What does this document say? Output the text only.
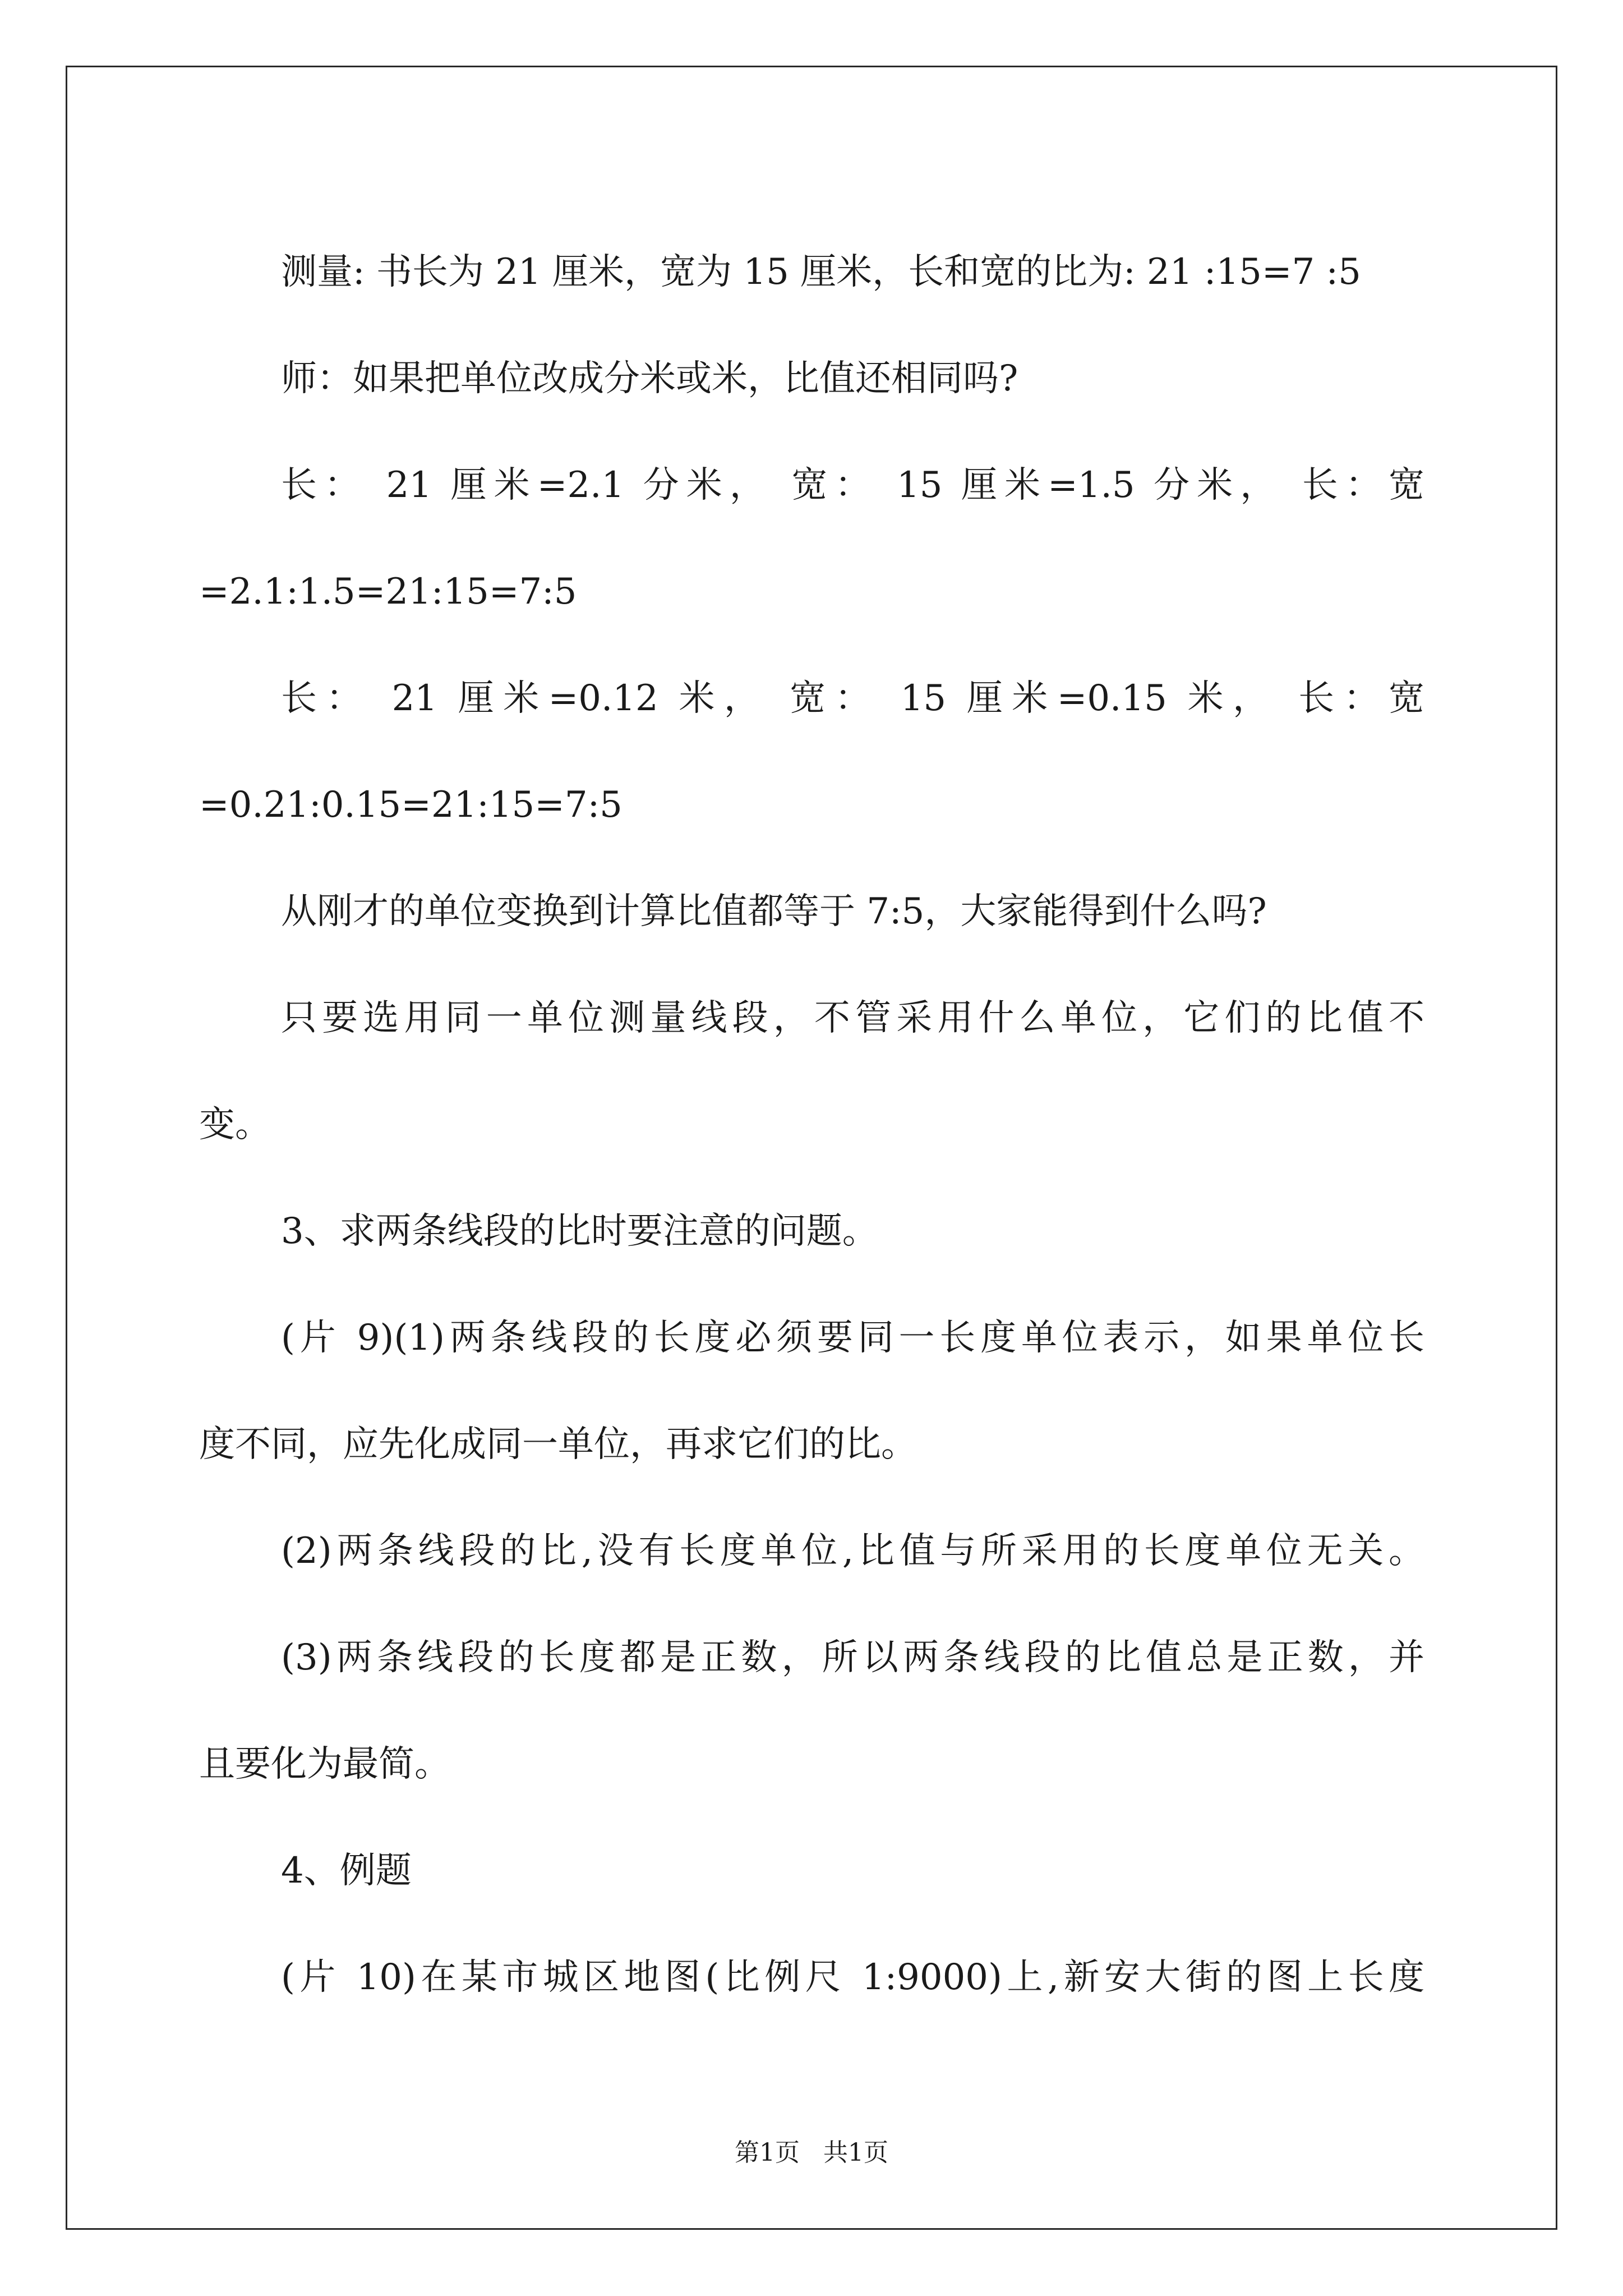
测量: 书长为 21 厘米，宽为 15 厘米，长和宽的比为: 21 :15=7 :5

师：如果把单位改成分米或米，比值还相同吗?

长： 21 厘米=2.1 分米， 宽： 15 厘米=1.5 分米， 长：宽

=2.1:1.5=21:15=7:5

长： 21 厘米=0.12 米， 宽： 15 厘米=0.15 米， 长：宽

=0.21:0.15=21:15=7:5

从刚才的单位变换到计算比值都等于 7:5，大家能得到什么吗?

只要选用同一单位测量线段，不管采用什么单位，它们的比值不

变。

3、求两条线段的比时要注意的问题。

(片 9)(1)两条线段的长度必须要同一长度单位表示，如果单位长

度不同，应先化成同一单位，再求它们的比。

(2)两条线段的比,没有长度单位,比值与所采用的长度单位无关。

(3)两条线段的长度都是正数，所以两条线段的比值总是正数，并

且要化为最简。

4、例题

(片 10)在某市城区地图(比例尺 1:9000)上,新安大街的图上长度

第1页   共1页
